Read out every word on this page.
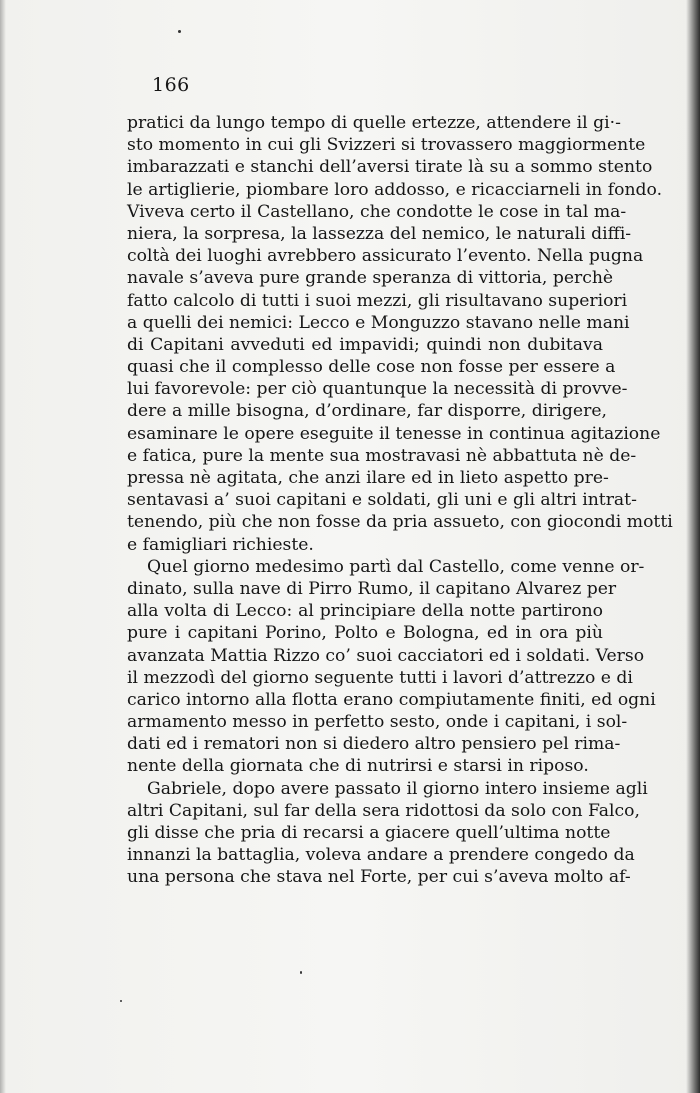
166
pratici da lungo tempo di quelle ertezze, attendere il gi·-
sto momento in cui gli Svizzeri si trovassero maggiormente
imbarazzati e stanchi dell’aversi tirate là su a sommo stento
le artiglierie, piombare loro addosso, e ricacciarneli in fondo.
Viveva certo il Castellano, che condotte le cose in tal ma-
niera, la sorpresa, la lassezza del nemico, le naturali diffi-
coltà dei luoghi avrebbero assicurato l’evento. Nella pugna
navale s’aveva pure grande speranza di vittoria, perchè
fatto calcolo di tutti i suoi mezzi, gli risultavano superiori
a quelli dei nemici: Lecco e Monguzzo stavano nelle mani
di Capitani avveduti ed impavidi; quindi non dubitava
quasi che il complesso delle cose non fosse per essere a
lui favorevole: per ciò quantunque la necessità di provve-
dere a mille bisogna, d’ordinare, far disporre, dirigere,
esaminare le opere eseguite il tenesse in continua agitazione
e fatica, pure la mente sua mostravasi nè abbattuta nè de-
pressa nè agitata, che anzi ilare ed in lieto aspetto pre-
sentavasi a’ suoi capitani e soldati, gli uni e gli altri intrat-
tenendo, più che non fosse da pria assueto, con giocondi motti
e famigliari richieste.
Quel giorno medesimo partì dal Castello, come venne or-
dinato, sulla nave di Pirro Rumo, il capitano Alvarez per
alla volta di Lecco: al principiare della notte partirono
pure i capitani Porino, Polto e Bologna, ed in ora più
avanzata Mattia Rizzo co’ suoi cacciatori ed i soldati. Verso
il mezzodì del giorno seguente tutti i lavori d’attrezzo e di
carico intorno alla flotta erano compiutamente finiti, ed ogni
armamento messo in perfetto sesto, onde i capitani, i sol-
dati ed i rematori non si diedero altro pensiero pel rima-
nente della giornata che di nutrirsi e starsi in riposo.
Gabriele, dopo avere passato il giorno intero insieme agli
altri Capitani, sul far della sera ridottosi da solo con Falco,
gli disse che pria di recarsi a giacere quell’ultima notte
innanzi la battaglia, voleva andare a prendere congedo da
una persona che stava nel Forte, per cui s’aveva molto af-
